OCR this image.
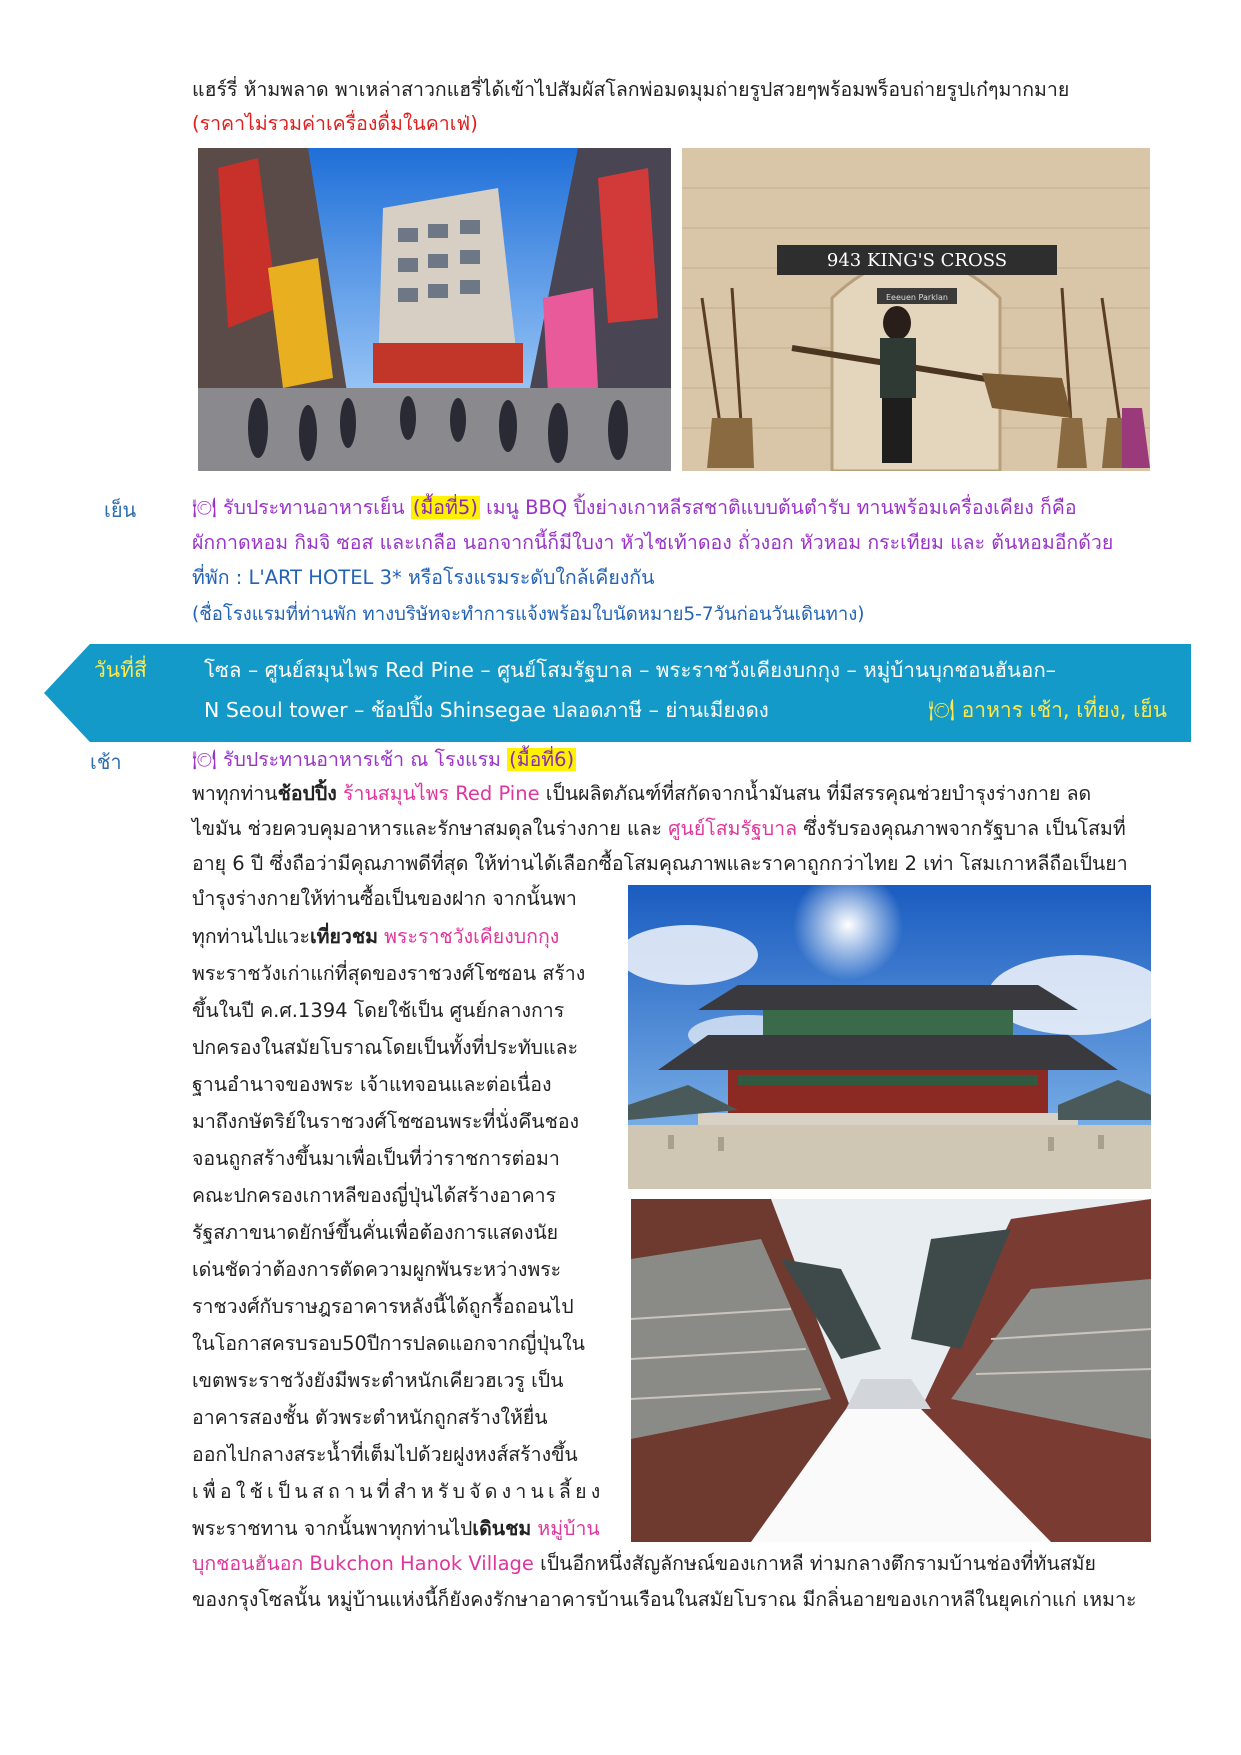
แฮร์รี่ ห้ามพลาด พาเหล่าสาวกแฮรี่ได้เข้าไปสัมผัสโลกพ่อมดมุมถ่ายรูปสวยๆพร้อมพร็อบถ่ายรูปเก๋ๆมากมาย
(ราคาไม่รวมค่าเครื่องดื่มในคาเฟ่)
943 KING'S CROSS
Eeeuen Parklan
เย็น	🍽 รับประทานอาหารเย็น (มื้อที่5) เมนู BBQ ปิ้งย่างเกาหลีรสชาติแบบต้นตำรับ ทานพร้อมเครื่องเคียง ก็คือ
ผักกาดหอม กิมจิ ซอส และเกลือ นอกจากนี้ก็มีใบงา หัวไชเท้าดอง ถั่วงอก หัวหอม กระเทียม และ ต้นหอมอีกด้วย
ที่พัก : L'ART HOTEL 3* หรือโรงแรมระดับใกล้เคียงกัน
(ชื่อโรงแรมที่ท่านพัก ทางบริษัทจะทำการแจ้งพร้อมใบนัดหมาย5-7วันก่อนวันเดินทาง)
วันที่สี่	โซล – ศูนย์สมุนไพร Red Pine – ศูนย์โสมรัฐบาล – พระราชวังเคียงบกกุง – หมู่บ้านบุกชอนฮันอก–
N Seoul tower – ช้อปปิ้ง Shinsegae ปลอดภาษี – ย่านเมียงดง	🍽 อาหาร เช้า, เที่ยง, เย็น
เช้า	🍽 รับประทานอาหารเช้า ณ โรงแรม (มื้อที่6)
พาทุกท่านช้อปปิ้ง ร้านสมุนไพร Red Pine เป็นผลิตภัณฑ์ที่สกัดจากน้ำมันสน ที่มีสรรคุณช่วยบำรุงร่างกาย ลด
ไขมัน ช่วยควบคุมอาหารและรักษาสมดุลในร่างกาย และ ศูนย์โสมรัฐบาล ซึ่งรับรองคุณภาพจากรัฐบาล เป็นโสมที่
อายุ 6 ปี ซึ่งถือว่ามีคุณภาพดีที่สุด ให้ท่านได้เลือกซื้อโสมคุณภาพและราคาถูกกว่าไทย 2 เท่า โสมเกาหลีถือเป็นยา
บำรุงร่างกายให้ท่านซื้อเป็นของฝาก จากนั้นพา
ทุกท่านไปแวะเที่ยวชม พระราชวังเคียงบกกุง
พระราชวังเก่าแก่ที่สุดของราชวงศ์โชซอน สร้าง
ขึ้นในปี ค.ศ.1394 โดยใช้เป็น ศูนย์กลางการ
ปกครองในสมัยโบราณโดยเป็นทั้งที่ประทับและ
ฐานอำนาจของพระ เจ้าแทจอนและต่อเนื่อง
มาถึงกษัตริย์ในราชวงศ์โชซอนพระที่นั่งคึนชอง
จอนถูกสร้างขึ้นมาเพื่อเป็นที่ว่าราชการต่อมา
คณะปกครองเกาหลีของญี่ปุ่นได้สร้างอาคาร
รัฐสภาขนาดยักษ์ขึ้นคั่นเพื่อต้องการแสดงนัย
เด่นชัดว่าต้องการตัดความผูกพันระหว่างพระ
ราชวงศ์กับราษฎรอาคารหลังนี้ได้ถูกรื้อถอนไป
ในโอกาสครบรอบ50ปีการปลดแอกจากญี่ปุ่นใน
เขตพระราชวังยังมีพระตำหนักเคียวฮเวรู เป็น
อาคารสองชั้น ตัวพระตำหนักถูกสร้างให้ยื่น
ออกไปกลางสระน้ำที่เต็มไปด้วยฝูงหงส์สร้างขึ้น
เพื่อใช้เป็นสถานที่สำหรับจัดงานเลี้ยง
พระราชทาน จากนั้นพาทุกท่านไปเดินชม หมู่บ้าน
บุกชอนฮันอก Bukchon Hanok Village เป็นอีกหนึ่งสัญลักษณ์ของเกาหลี ท่ามกลางตึกรามบ้านช่องที่ทันสมัย
ของกรุงโซลนั้น หมู่บ้านแห่งนี้ก็ยังคงรักษาอาคารบ้านเรือนในสมัยโบราณ มีกลิ่นอายของเกาหลีในยุคเก่าแก่ เหมาะ
